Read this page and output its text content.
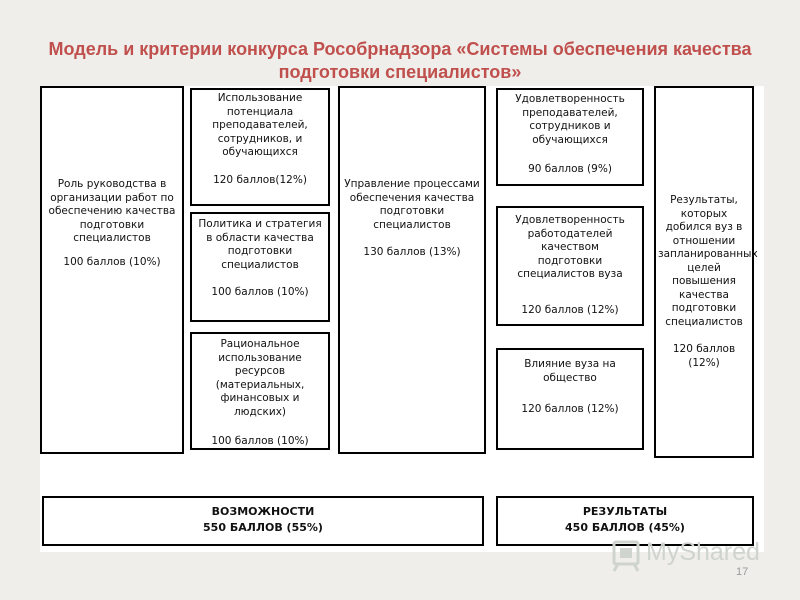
Модель и критерии конкурса Рособрнадзора «Системы обеспечения качества подготовки специалистов»
Роль руководства в организации работ по обеспечению качества подготовки специалистов
100 баллов (10%)
Использование потенциала преподавателей, сотрудников, и обучающихся
120 баллов(12%)
Политика и стратегия в области качества подготовки специалистов
100 баллов (10%)
Рациональное использование ресурсов (материальных, финансовых и людских)
100 баллов (10%)
Управление процессами обеспечения качества подготовки специалистов
130 баллов (13%)
Удовлетворенность преподавателей, сотрудников и обучающихся
90 баллов (9%)
Удовлетворенность работодателей качеством подготовки специалистов вуза
120 баллов (12%)
Влияние вуза на общество
120 баллов (12%)
Результаты, которых добился вуз в отношении запланированных целей повышения качества подготовки специалистов
120 баллов (12%)
ВОЗМОЖНОСТИ
550 БАЛЛОВ (55%)
РЕЗУЛЬТАТЫ
450 БАЛЛОВ (45%)
MyShared
17
